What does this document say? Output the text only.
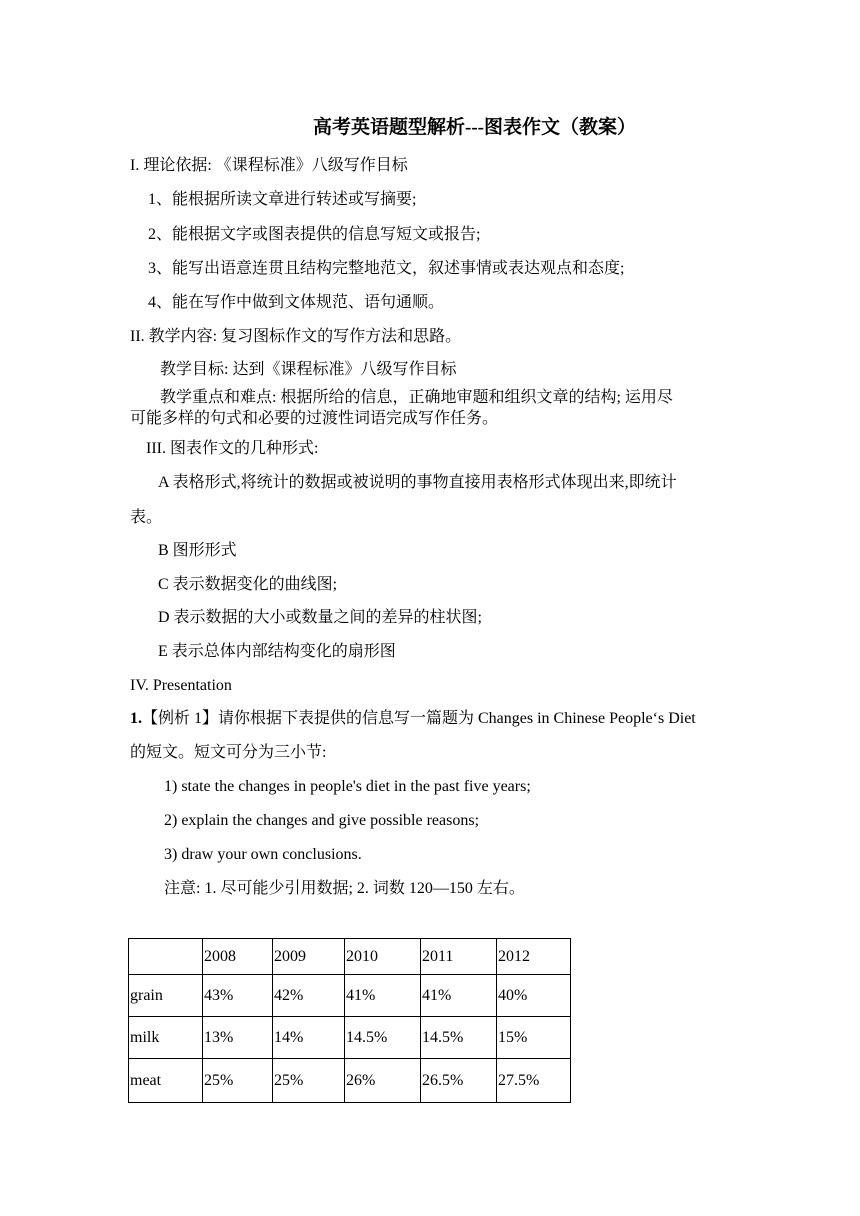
高考英语题型解析---图表作文（教案）
I. 理论依据: 《课程标准》八级写作目标
1、能根据所读文章进行转述或写摘要;
2、能根据文字或图表提供的信息写短文或报告;
3、能写出语意连贯且结构完整地范文，叙述事情或表达观点和态度;
4、能在写作中做到文体规范、语句通顺。
II. 教学内容: 复习图标作文的写作方法和思路。
教学目标: 达到《课程标准》八级写作目标
教学重点和难点: 根据所给的信息，正确地审题和组织文章的结构; 运用尽
可能多样的句式和必要的过渡性词语完成写作任务。
III. 图表作文的几种形式:
A 表格形式,将统计的数据或被说明的事物直接用表格形式体现出来,即统计
表。
B 图形形式
C 表示数据变化的曲线图;
D 表示数据的大小或数量之间的差异的柱状图;
E 表示总体内部结构变化的扇形图
IV. Presentation
1.【例析 1】请你根据下表提供的信息写一篇题为 Changes in Chinese People‘s Diet
的短文。短文可分为三小节:
1) state the changes in people's diet in the past five years;
2) explain the changes and give possible reasons;
3) draw your own conclusions.
注意: 1. 尽可能少引用数据; 2. 词数 120—150 左右。
	2008	2009	2010	2011	2012
grain	43%	42%	41%	41%	40%
milk	13%	14%	14.5%	14.5%	15%
meat	25%	25%	26%	26.5%	27.5%
